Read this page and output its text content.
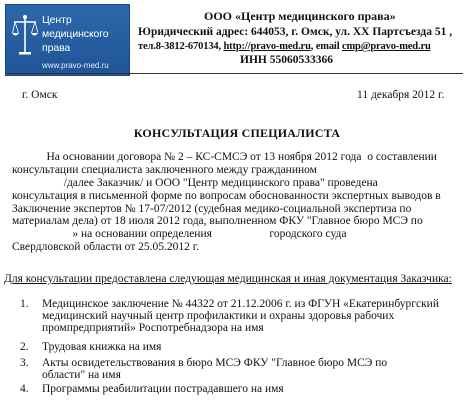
Центр
медицинского
права
www.pravo-med.ru
ООО «Центр медицинского права»
Юридический адрес: 644053, г. Омск, ул. XX Партсъезда 51 ,
тел.8-3812-670134, http://pravo-med.ru, email cmp@pravo-med.ru
ИНН 55060533366
г. Омск	11 декабря 2012 г.
КОНСУЛЬТАЦИЯ СПЕЦИАЛИСТА
На основании договора № 2 – КС-СМСЭ от 13 ноября 2012 года  о составлении
консультации специалиста заключенного между гражданином
/далее Заказчик/ и ООО "Центр медицинского права" проведена
консультация в письменной форме по вопросам обоснованности экспертных выводов в
Заключение экспертов № 17-07/2012 (судебная медико-социальной экспертиза по
материалам дела) от 18 июля 2012 года, выполненном ФКУ "Главное бюро МСЭ по
» на основании определения                    городского суда
Свердловской области от 25.05.2012 г.
Для консультации предоставлена следующая медицинская и иная документация Заказчика:
1. Медицинское заключение № 44322 от 21.12.2006 г. из ФГУН «Екатеринбургский
медицинский научный центр профилактики и охраны здоровья рабочих
промпредприятий» Роспотребнадзора на имя
2. Трудовая книжка на имя
3. Акты освидетельствования в бюро МСЭ ФКУ "Главное бюро МСЭ по
области" на имя
4. Программы реабилитации пострадавшего на имя
